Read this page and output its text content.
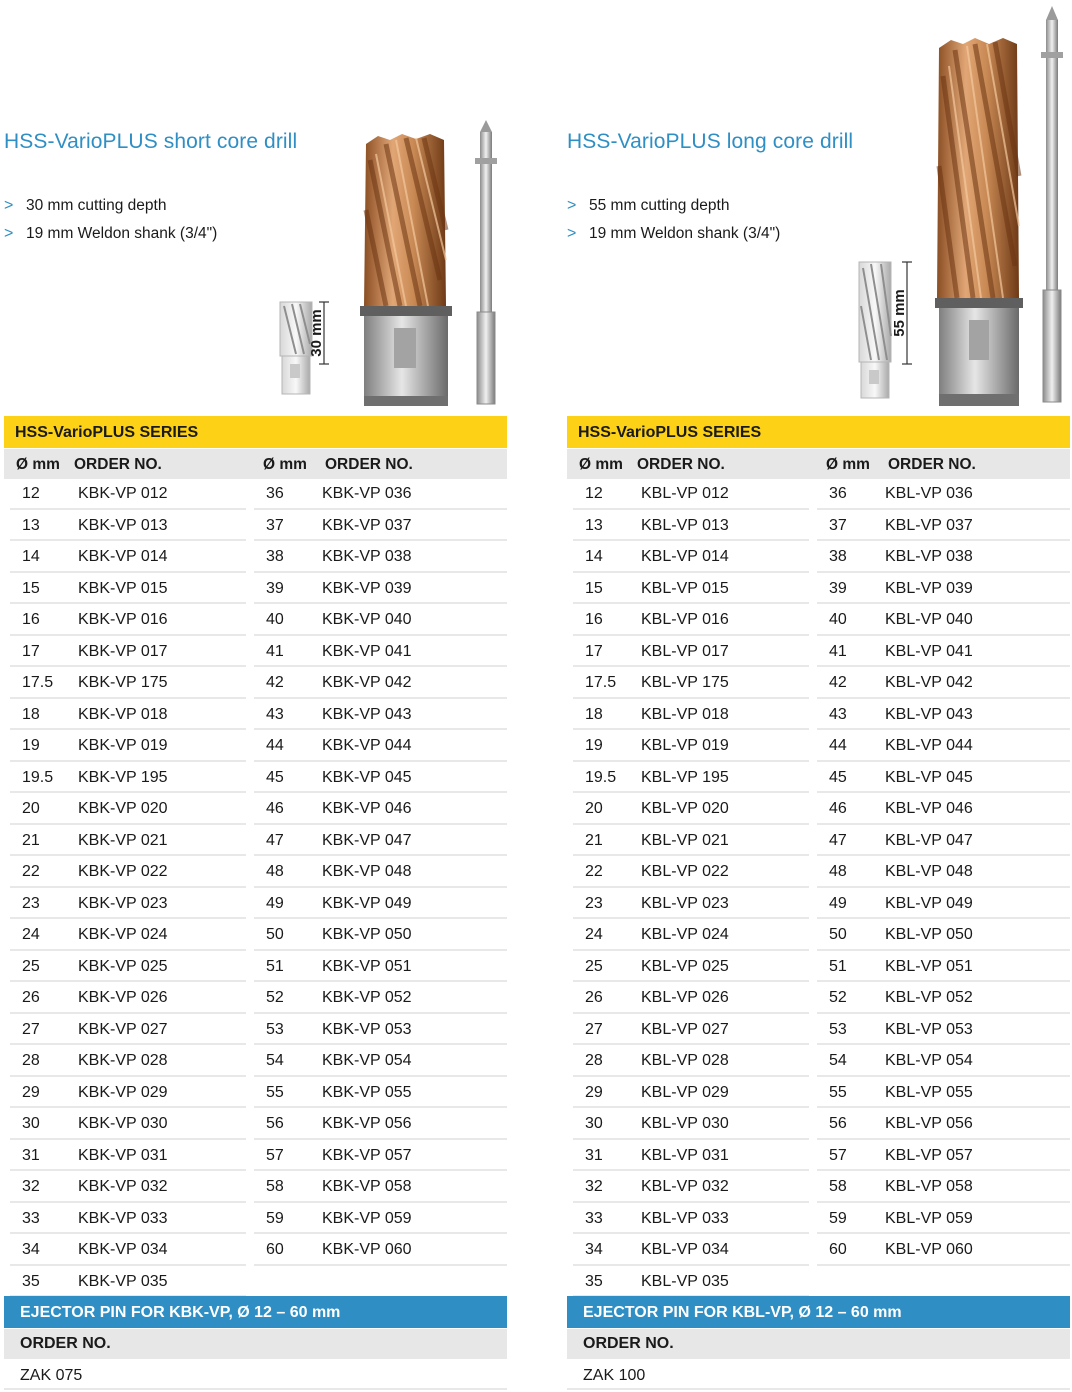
HSS-VarioPLUS short core drill
> 30 mm cutting depth
> 19 mm Weldon shank (3/4")
30 mm
HSS-VarioPLUS SERIES
Ø mm ORDER NO.	Ø mm ORDER NO.
12 KBK-VP 012
13 KBK-VP 013
14 KBK-VP 014
15 KBK-VP 015
16 KBK-VP 016
17 KBK-VP 017
17.5 KBK-VP 175
18 KBK-VP 018
19 KBK-VP 019
19.5 KBK-VP 195
20 KBK-VP 020
21 KBK-VP 021
22 KBK-VP 022
23 KBK-VP 023
24 KBK-VP 024
25 KBK-VP 025
26 KBK-VP 026
27 KBK-VP 027
28 KBK-VP 028
29 KBK-VP 029
30 KBK-VP 030
31 KBK-VP 031
32 KBK-VP 032
33 KBK-VP 033
34 KBK-VP 034
35 KBK-VP 035
36 KBK-VP 036
37 KBK-VP 037
38 KBK-VP 038
39 KBK-VP 039
40 KBK-VP 040
41 KBK-VP 041
42 KBK-VP 042
43 KBK-VP 043
44 KBK-VP 044
45 KBK-VP 045
46 KBK-VP 046
47 KBK-VP 047
48 KBK-VP 048
49 KBK-VP 049
50 KBK-VP 050
51 KBK-VP 051
52 KBK-VP 052
53 KBK-VP 053
54 KBK-VP 054
55 KBK-VP 055
56 KBK-VP 056
57 KBK-VP 057
58 KBK-VP 058
59 KBK-VP 059
60 KBK-VP 060
EJECTOR PIN FOR KBK-VP, Ø 12 – 60 mm
ORDER NO.
ZAK 075
HSS-VarioPLUS long core drill
> 55 mm cutting depth
> 19 mm Weldon shank (3/4")
55 mm
HSS-VarioPLUS SERIES
Ø mm ORDER NO.	Ø mm ORDER NO.
12 KBL-VP 012
13 KBL-VP 013
14 KBL-VP 014
15 KBL-VP 015
16 KBL-VP 016
17 KBL-VP 017
17.5 KBL-VP 175
18 KBL-VP 018
19 KBL-VP 019
19.5 KBL-VP 195
20 KBL-VP 020
21 KBL-VP 021
22 KBL-VP 022
23 KBL-VP 023
24 KBL-VP 024
25 KBL-VP 025
26 KBL-VP 026
27 KBL-VP 027
28 KBL-VP 028
29 KBL-VP 029
30 KBL-VP 030
31 KBL-VP 031
32 KBL-VP 032
33 KBL-VP 033
34 KBL-VP 034
35 KBL-VP 035
36 KBL-VP 036
37 KBL-VP 037
38 KBL-VP 038
39 KBL-VP 039
40 KBL-VP 040
41 KBL-VP 041
42 KBL-VP 042
43 KBL-VP 043
44 KBL-VP 044
45 KBL-VP 045
46 KBL-VP 046
47 KBL-VP 047
48 KBL-VP 048
49 KBL-VP 049
50 KBL-VP 050
51 KBL-VP 051
52 KBL-VP 052
53 KBL-VP 053
54 KBL-VP 054
55 KBL-VP 055
56 KBL-VP 056
57 KBL-VP 057
58 KBL-VP 058
59 KBL-VP 059
60 KBL-VP 060
EJECTOR PIN FOR KBL-VP, Ø 12 – 60 mm
ORDER NO.
ZAK 100
